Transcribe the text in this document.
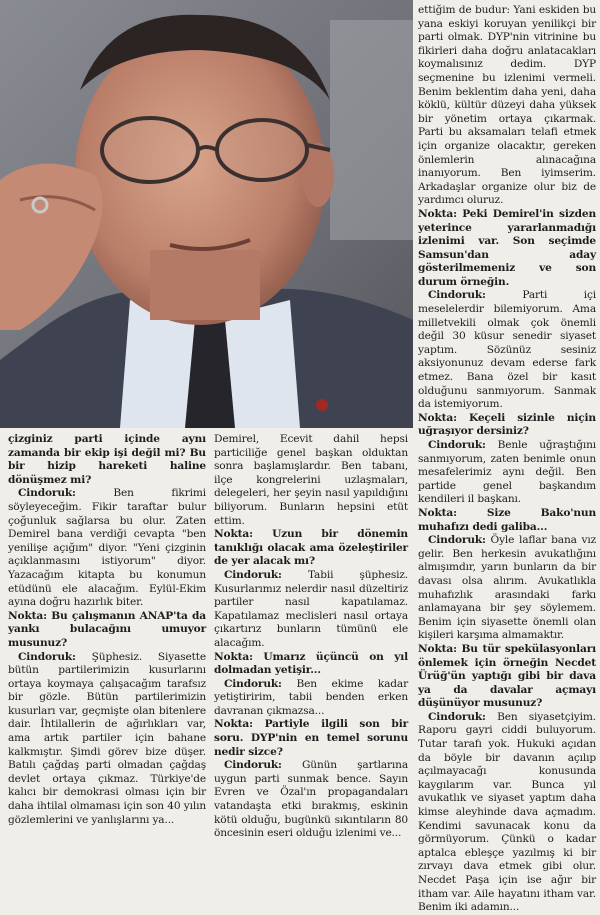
çizginiz parti içinde aynı zamanda bir ekip işi değil mi? Bu bir hizip hareketi haline dönüşmez mi?

Cindoruk: Ben fikrimi söyleyeceğim. Fikir taraftar bulur çoğunluk sağlarsa bu olur. Zaten Demirel bana verdiği cevapta "ben yenilişe açığım" diyor. "Yeni çizginin açıklanmasını istiyorum" diyor. Yazacağım kitapta bu konumun etüdünü ele alacağım. Eylül-Ekim ayına doğru hazırlık biter.

Nokta: Bu çalışmanın ANAP'ta da yankı bulacağını umuyor musunuz?

Cindoruk: Şüphesiz. Siyasette bütün partilerimizin kusurlarını ortaya koymaya çalışacağım tarafsız bir gözle. Bütün partilerimizin kusurları var, geçmişte olan bitenlere dair. İhtilallerin de ağırlıkları var, ama artık partiler için bahane kalkmıştır. Şimdi görev bize düşer. Batılı çağdaş parti olmadan çağdaş devlet ortaya çıkmaz. Türkiye'de kalıcı bir demokrasi olması için bir daha ihtilal olmaması için son 40 yılın gözlemlerini ve yanlışlarını ya...

Demirel, Ecevit dahil hepsi particiliğe genel başkan olduktan sonra başlamışlardır. Ben tabanı, ilçe kongrelerini uzlaşmaları, delegeleri, her şeyin nasıl yapıldığını biliyorum. Bunların hepsini etüt ettim.

Nokta: Uzun bir dönemin tanıklığı olacak ama özeleştiriler de yer alacak mı?

Cindoruk: Tabii şüphesiz. Kusurlarımız nelerdir nasıl düzeltiriz partiler nasıl kapatılamaz. Kapatılamaz meclisleri nasıl ortaya çıkartırız bunların tümünü ele alacağım.

Nokta: Umarız üçüncü on yıl dolmadan yetişir...

Cindoruk: Ben ekime kadar yetiştiririm, tabii benden erken davranan çıkmazsa...

Nokta: Partiyle ilgili son bir soru. DYP'nin en temel sorunu nedir sizce?

Cindoruk: Günün şartlarına uygun parti sunmak bence. Sayın Evren ve Özal'ın propagandaları vatandaşta etki bırakmış, eskinin kötü olduğu, bugünkü sıkıntıların 80 öncesinin eseri olduğu izlenimi ve...

ettiğim de budur: Yani eskiden bu yana eskiyi koruyan yenilikçi bir parti olmak. DYP'nin vitrinine bu fikirleri daha doğru anlatacakları koymalısınız dedim. DYP seçmenine bu izlenimi vermeli. Benim beklentim daha yeni, daha köklü, kültür düzeyi daha yüksek bir yönetim ortaya çıkarmak. Parti bu aksamaları telafi etmek için organize olacaktır, gereken önlemlerin alınacağına inanıyorum. Ben iyimserim. Arkadaşlar organize olur biz de yardımcı oluruz.

Nokta: Peki Demirel'in sizden yeterince yararlanmadığı izlenimi var. Son seçimde Samsun'dan aday gösterilmemeniz ve son durum örneğin.

Cindoruk: Parti içi meselelerdir bilemiyorum. Ama milletvekili olmak çok önemli değil 30 küsur senedir siyaset yaptım. Sözünüz sesiniz aksiyonunuz devam ederse fark etmez. Bana özel bir kasıt olduğunu sanmıyorum. Sanmak da istemiyorum.

Nokta: Keçeli sizinle niçin uğraşıyor dersiniz?

Cindoruk: Benle uğraştığını sanmıyorum, zaten benimle onun mesafelerimiz aynı değil. Ben partide genel başkandım kendileri il başkanı.

Nokta: Size Bako'nun muhafızı dedi galiba...

Cindoruk: Öyle laflar bana vız gelir. Ben herkesin avukatlığını almışımdır, yarın bunların da bir davası olsa alırım. Avukatlıkla muhafızlık arasındaki farkı anlamayana bir şey söylemem. Benim için siyasette önemli olan kişileri karşıma almamaktır.

Nokta: Bu tür spekülasyonları önlemek için örneğin Necdet Ürüğ'ün yaptığı gibi bir dava ya da davalar açmayı düşünüyor musunuz?

Cindoruk: Ben siyasetçiyim. Raporu gayri ciddi buluyorum. Tutar tarafı yok. Hukuki açıdan da böyle bir davanın açılıp açılmayacağı konusunda kaygılarım var. Bunca yıl avukatlık ve siyaset yaptım daha kimse aleyhinde dava açmadım. Kendimi savunacak konu da görmüyorum. Çünkü o kadar aptalca ebleşçe yazılmış ki bir zırvayı dava etmek gibi olur. Necdet Paşa için ise ağır bir itham var. Aile hayatını itham var. Benim iki adamın...
